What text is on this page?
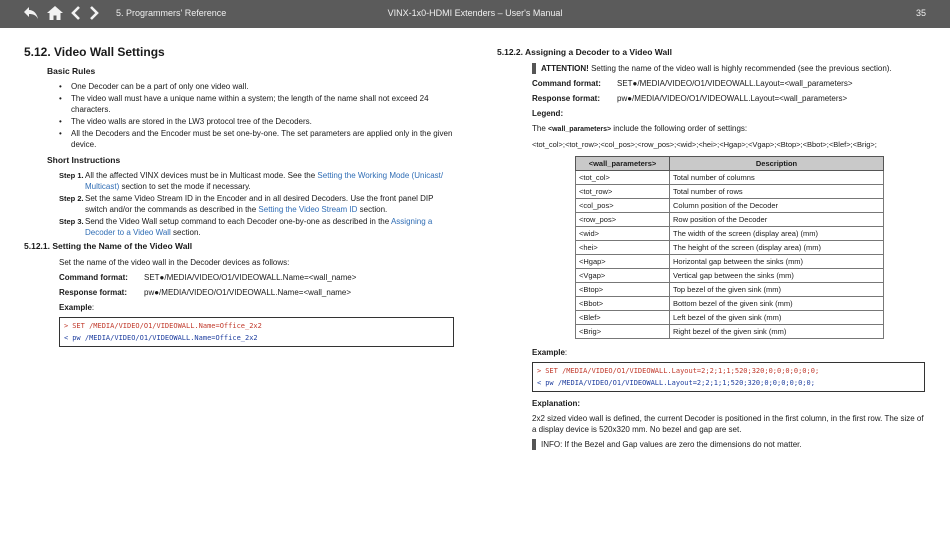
5. Programmers' Reference	VINX-1x0-HDMI Extenders – User's Manual	35
5.12. Video Wall Settings
Basic Rules
• One Decoder can be a part of only one video wall.
• The video wall must have a unique name within a system; the length of the name shall not exceed 24 characters.
• The video walls are stored in the LW3 protocol tree of the Decoders.
• All the Decoders and the Encoder must be set one-by-one. The set parameters are applied only in the given device.
Short Instructions
Step 1. All the affected VINX devices must be in Multicast mode. See the Setting the Working Mode (Unicast/ Multicast) section to set the mode if necessary.
Step 2. Set the same Video Stream ID in the Encoder and in all desired Decoders. Use the front panel DIP switch and/or the commands as described in the Setting the Video Stream ID section.
Step 3. Send the Video Wall setup command to each Decoder one-by-one as described in the Assigning a Decoder to a Video Wall section.
5.12.1. Setting the Name of the Video Wall
Set the name of the video wall in the Decoder devices as follows:
Command format:	SET●/MEDIA/VIDEO/O1/VIDEOWALL.Name=<wall_name>
Response format:	pw●/MEDIA/VIDEO/O1/VIDEOWALL.Name=<wall_name>
Example:
> SET /MEDIA/VIDEO/O1/VIDEOWALL.Name=Office_2x2
< pw /MEDIA/VIDEO/O1/VIDEOWALL.Name=Office_2x2
5.12.2. Assigning a Decoder to a Video Wall
ATTENTION! Setting the name of the video wall is highly recommended (see the previous section).
Command format:	SET●/MEDIA/VIDEO/O1/VIDEOWALL.Layout=<wall_parameters>
Response format:	pw●/MEDIA/VIDEO/O1/VIDEOWALL.Layout=<wall_parameters>
Legend:
The <wall_parameters> include the following order of settings:
<tot_col>;<tot_row>;<col_pos>;<row_pos>;<wid>;<hei>;<Hgap>;<Vgap>;<Btop>;<Bbot>;<Blef>;<Brig>;
<wall_parameters>	Description
<tot_col>	Total number of columns
<tot_row>	Total number of rows
<col_pos>	Column position of the Decoder
<row_pos>	Row position of the Decoder
<wid>	The width of the screen (display area) (mm)
<hei>	The height of the screen (display area) (mm)
<Hgap>	Horizontal gap between the sinks (mm)
<Vgap>	Vertical gap between the sinks (mm)
<Btop>	Top bezel of the given sink (mm)
<Bbot>	Bottom bezel of the given sink (mm)
<Blef>	Left bezel of the given sink (mm)
<Brig>	Right bezel of the given sink (mm)
Example:
> SET /MEDIA/VIDEO/O1/VIDEOWALL.Layout=2;2;1;1;520;320;0;0;0;0;0;0;
< pw /MEDIA/VIDEO/O1/VIDEOWALL.Layout=2;2;1;1;520;320;0;0;0;0;0;0;
Explanation:
2x2 sized video wall is defined, the current Decoder is positioned in the first column, in the first row. The size of a display device is 520x320 mm. No bezel and gap are set.
INFO: If the Bezel and Gap values are zero the dimensions do not matter.
